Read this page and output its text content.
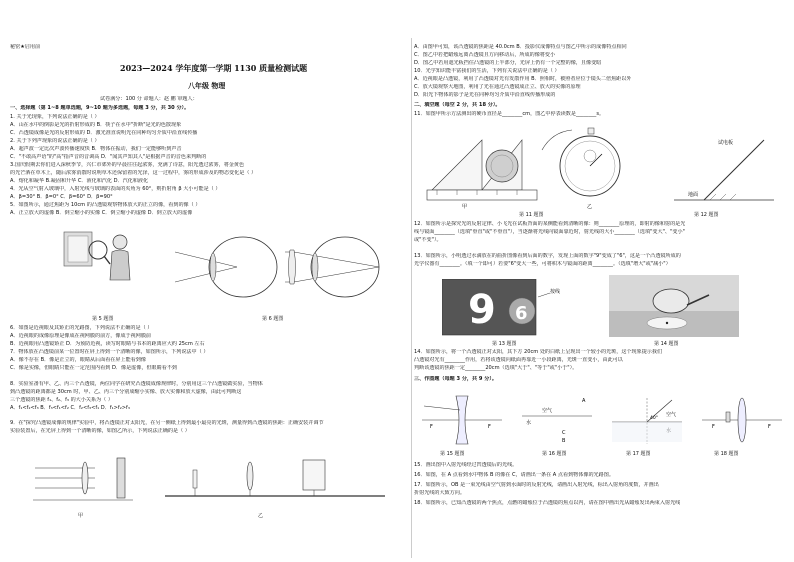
秘密★启用前
2023—2024 学年度第一学期 1130 质量检测试题
八年级 物理
试卷满分：100 分 命题人：赵 鹏 审题人：
一、选择题（第 1~8 题单选题，9~10 题为多选题，每题 3 分，共 30 分）。
1. 关于光现象，下列说法正确的是（ ）
A．山在水中的倒影是光的折射形成的 B．筷子在水中"折断"是光的色散现象
C．凸透镜成像是光的反射形成的 D．激光准直说明光在同种均匀介质中沿直线传播
2. 关于下列声现象的说法正确的是（ ）
A．超声波一定比次声波传播速度快 B．物体在振动，我们一定能够听到声音
C．"不敢高声语"的"高"指声音的音调高 D．"闻其声知其人"是根据声音的音色来判断的
3.国庆假期去你们进入深秋季节，兴仁市郊外的早晨往往起浓雾，充满了诗意，阳光透过浓雾，将金黄色
的光芒洒在草木上，随后浓雾消散时说明草木还保留着的光泽，这一过程中，雾的形成涉及的物态变化是（ ）
A．熔化和凝华 B.凝固和升华 C．液化和汽化 D．汽化和液化
4．光从空气射入玻璃中，入射光线与玻璃的表面的夹角为 60°，则折射角 β 大小可能是（ ）
A．β=30° B．β=0° C．β=60° D．β=90°
5．如图所示，通过焦距为 10cm 的凸透镜观察物体放大的正立的像，看到的像（ ）
A．正立放大的虚像 B．倒立缩小的实像 C．倒立缩小的虚像 D．倒立放大的虚像
第 5 题图	第 6 题图
6．如图是近视眼及其矫正的光路图，下列说法不正确的是（ ）
A．近视眼的成像原理是像成在视网膜的前方，像成于视网膜前
B．近视眼用凸透镜矫正 D．为预防近视，读写时眼睛与书本的距离应大约 25cm 左右
7．物体放在凸透镜前某一位置时在屏上得到一个清晰的像，如图所示，下列说法中（ ）
A．像不存在 B．像是正立的，眼睛从后面看在屏上能看到像
C．像是实像，但眼睛只能在一定范围内看到 D．像是虚像，但眼睛看不到
8．实验室备有甲、乙、丙三个凸透镜，两位同学在研究凸透镜成像规律时，分别用这三个凸透镜做实验，当物体
到凸透镜的距离都是 30cm 时，甲、乙、丙三个分别成缩小实像、放大实像和放大虚像，由此可判断这
三个透镜的焦距 f₁、f₂、f₃ 的大小关系为（ ）
A．f₁<f₂<f₃ B．f₃<f₁<f₂ C．f₂<f₃<f₁ D．f₁>f₂>f₃
9．在"探究凸透镜成像的规律"实验中，将凸透镜正对太阳光，在另一侧纸上得到最小最亮的光斑，测量得到凸透镜的焦距：正确安装并调节
实验装置后，在光屏上得到一个清晰的像，如图乙所示，下列说法正确的是（ ）
甲	乙
A．由图甲可知，该凸透镜的焦距是 40.0cm B．投影仪成像特点与图乙中所示的成像特点相同
C．图乙中若把蜡烛远离凸透镜且方向移动后，所成的像将变小
D．图乙中若用遮光板挡住凸透镜的上半部分，光屏上仍有一个完整的像，且像变暗
10．光学知识能丰富我们的生活，下列有关说法中正确的是（ ）
A．近视眼是凸透镜，利用了凸透镜对光有发散作用 B．照相时，被照者应位于镜头二倍焦距以外
C．放大镜观察大地图，利用了光在通过凸透镜成正立、放大的实像的原理
D．阳光下物体的影子是光在同种均匀介质中沿直线传播形成的
二、填空题（每空 2 分，共 18 分）。
11．如图甲所示方法测出的硬币直径是________cm，图乙中停表读数是________s。
甲	乙
第 11 题图
试电板
地面
第 12 题图
12．如图所示是探究光的反射定律、小飞光在试板背面的某侧能看到清晰的像：则________原理的，即射的像和射的是光
线与镜面________（选填"垂直"或"不垂直"），当逐渐将光线向镜面靠近时，射光线的大小________（选填"变大"、"变小"
或"不变"）。
13．如图所示，小明透过水滴放在的曲折图像看到后面的数字，发现上面的数字"9"变成了"6"，这是一个凸透镜所成的
光学仪器有________。（填一个即可）若要"6"变大一些，可将积木与镜面的距离________。（选填"增大"或"减小"）
9 6
按线
第 13 题图	第 14 题图
14．如图所示，将一个凸透镜正对太阳，其下方 20cm 处的白纸上呈现出一个较小的光斑，这个现象提示我们
凸透镜对光有________作用，若将该透镜向纸面再靠近一小段距离，光斑一直变小，由此可以
判断该透镜的焦距一定________20cm（选填"大于"、"等于"或"小于"）。
三、作图题（每题 3 分，共 9 分）。
F	F
空气
水
A
C
B
40°
空气
F	F
第 15 题图	第 16 题图	第 17 题图	第 18 题图
15．画出图中入射光线经过凹透镜后的光线。
16．如图，在 A 点看到水中物体 B 的像在 C，请画出一条在 A 点看到物体像的光路图。
17．如图所示，OB 是一束光线由空气射到水面时的反射光线，请画出入射光线，标出入射角的度数，并画出
折射光线的大致方向。
18．如图所示，已知凸透镜的两个焦点，点燃的蜡烛位于凸透镜的焦点以内，请在图中画出光从蜡烛发出两束入射光线
